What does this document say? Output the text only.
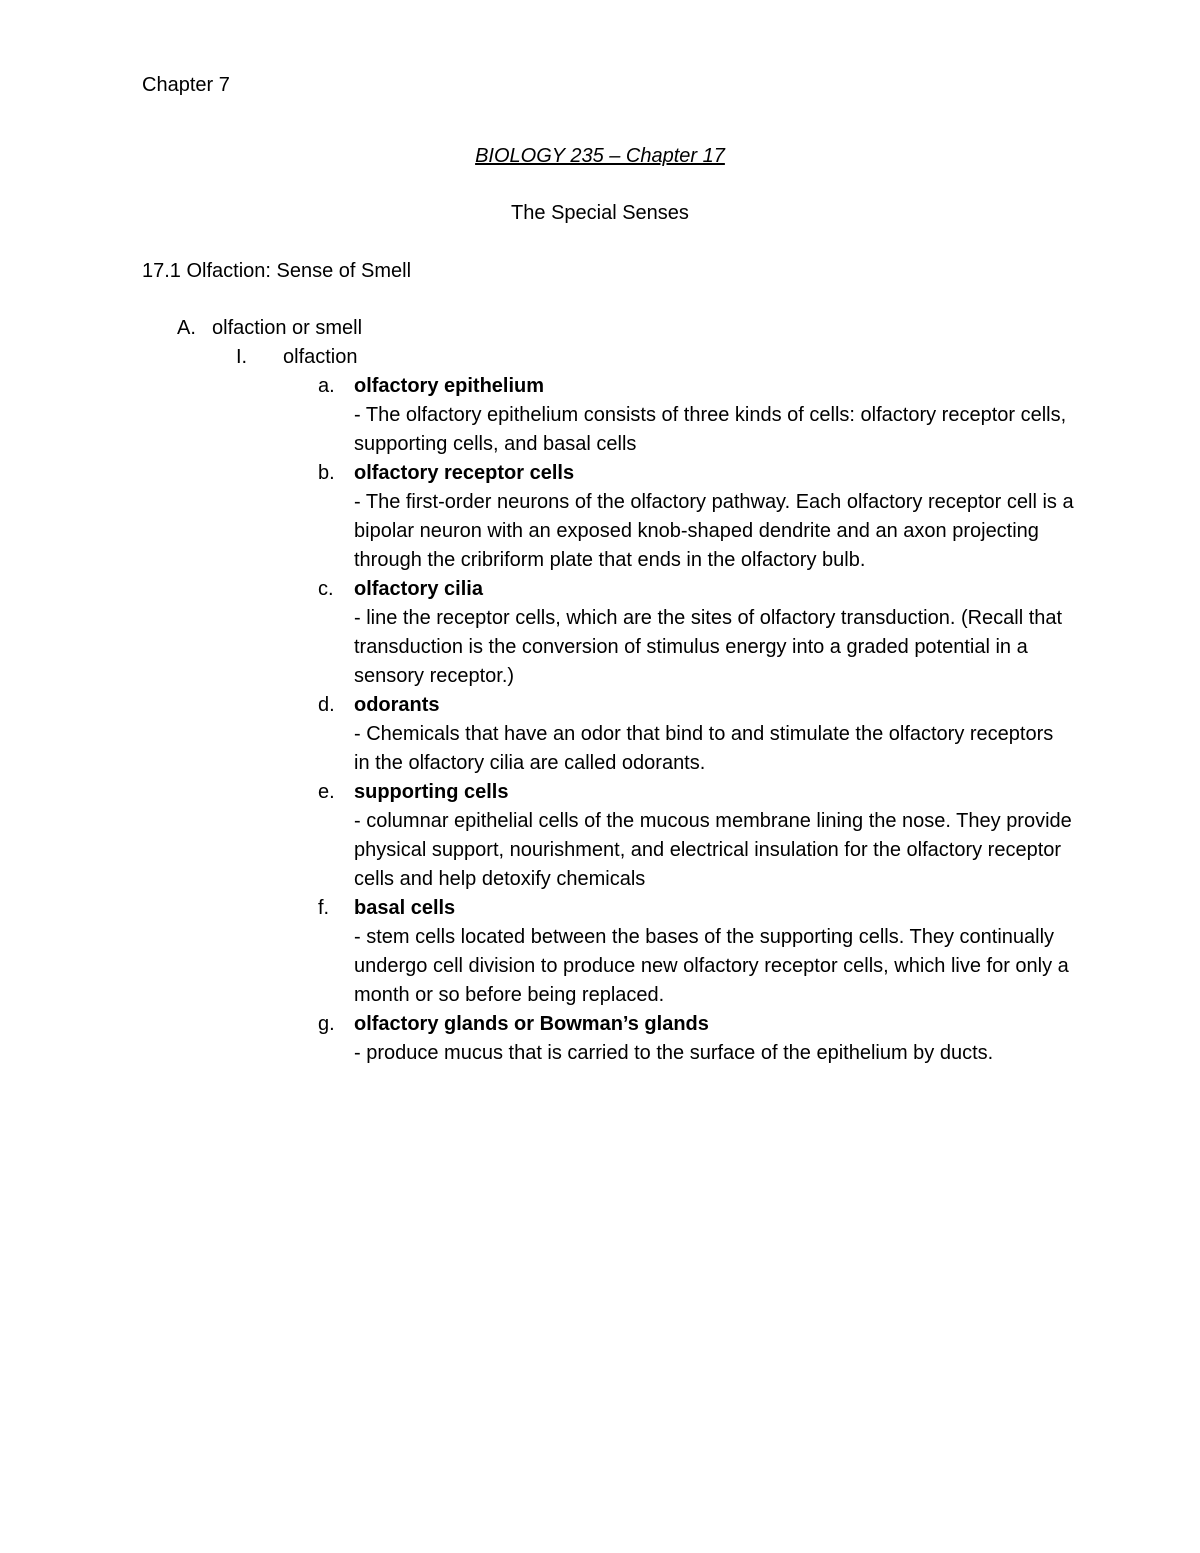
Chapter 7

BIOLOGY 235 – Chapter 17
The Special Senses
17.1 Olfaction: Sense of Smell
A. olfaction or smell
I. olfaction
a. olfactory epithelium
- The olfactory epithelium consists of three kinds of cells: olfactory receptor cells, supporting cells, and basal cells
b. olfactory receptor cells
- The first-order neurons of the olfactory pathway. Each olfactory receptor cell is a bipolar neuron with an exposed knob-shaped dendrite and an axon projecting through the cribriform plate that ends in the olfactory bulb.
c. olfactory cilia
- line the receptor cells, which are the sites of olfactory transduction. (Recall that transduction is the conversion of stimulus energy into a graded potential in a sensory receptor.)
d. odorants
- Chemicals that have an odor that bind to and stimulate the olfactory receptors in the olfactory cilia are called odorants.
e. supporting cells
- columnar epithelial cells of the mucous membrane lining the nose. They provide physical support, nourishment, and electrical insulation for the olfactory receptor cells and help detoxify chemicals
f. basal cells
- stem cells located between the bases of the supporting cells. They continually undergo cell division to produce new olfactory receptor cells, which live for only a month or so before being replaced.
g. olfactory glands or Bowman’s glands
- produce mucus that is carried to the surface of the epithelium by ducts.
